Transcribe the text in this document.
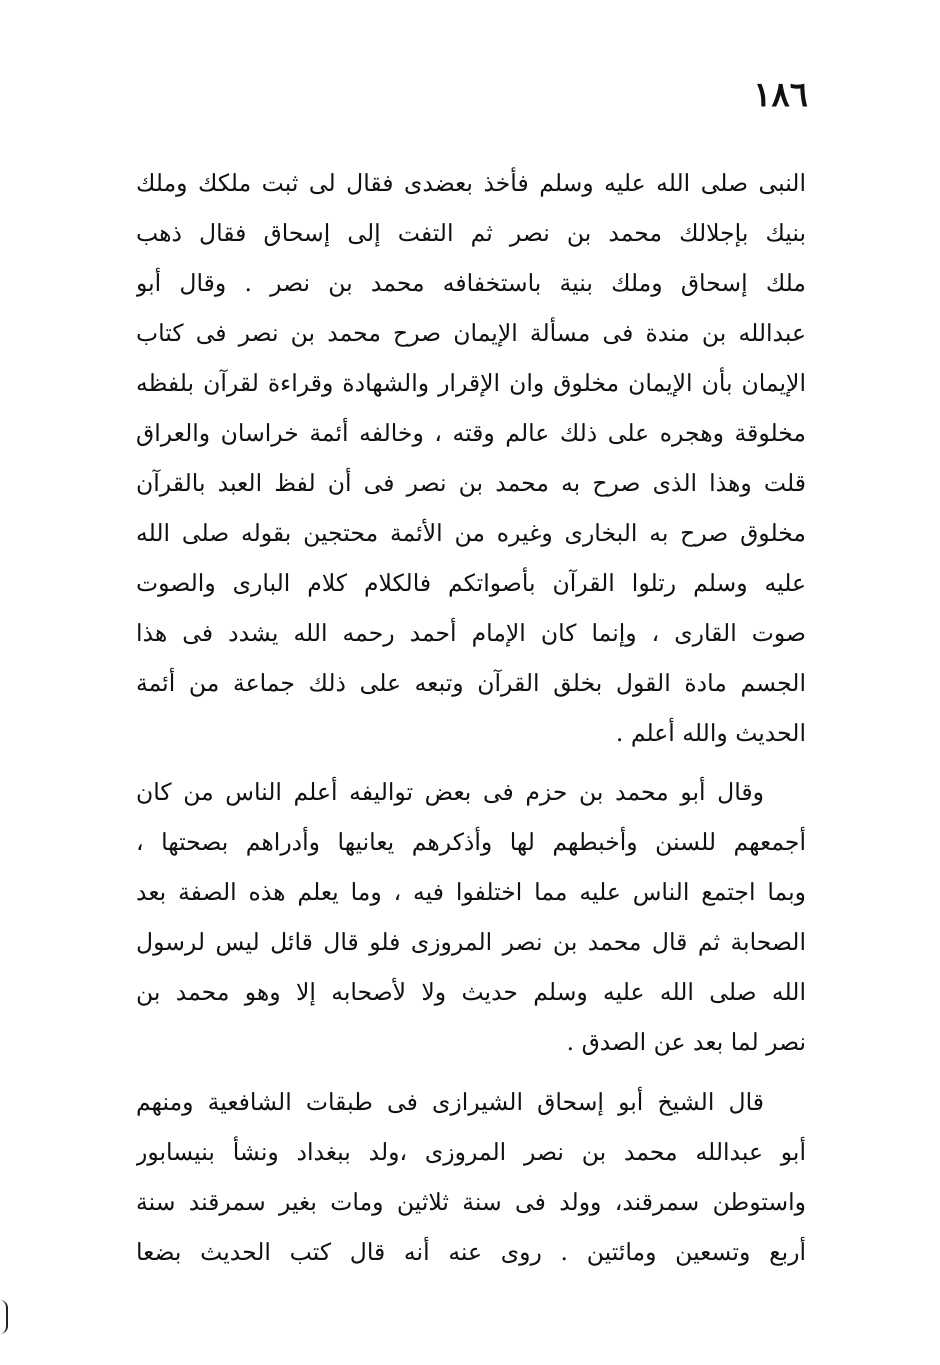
١٨٦
النبى صلى الله عليه وسلم فأخذ بعضدى فقال لى ثبت ملكك وملك
بنيك بإجلالك محمد بن نصر ثم التفت إلى إسحاق فقال ذهب
ملك إسحاق وملك بنية باستخفافه محمد بن نصر . وقال أبو
عبدالله بن مندة فى مسألة الإيمان صرح محمد بن نصر فى كتاب
الإيمان بأن الإيمان مخلوق وان الإقرار والشهادة وقراءة لقرآن بلفظه
مخلوقة وهجره على ذلك عالم وقته ، وخالفه أئمة خراسان والعراق
قلت وهذا الذى صرح به محمد بن نصر فى أن لفظ العبد بالقرآن
مخلوق صرح به البخارى وغيره من الأئمة محتجين بقوله صلى الله
عليه وسلم رتلوا القرآن بأصواتكم فالكلام كلام البارى والصوت
صوت القارى ، وإنما كان الإمام أحمد رحمه الله يشدد فى هذا
الجسم مادة القول بخلق القرآن وتبعه على ذلك جماعة من أئمة
الحديث والله أعلم .
وقال أبو محمد بن حزم فى بعض تواليفه أعلم الناس من كان
أجمعهم للسنن وأخبطهم لها وأذكرهم يعانيها وأدراهم بصحتها ،
وبما اجتمع الناس عليه مما اختلفوا فيه ، وما يعلم هذه الصفة بعد
الصحابة ثم قال محمد بن نصر المروزى فلو قال قائل ليس لرسول
الله صلى الله عليه وسلم حديث ولا لأصحابه إلا وهو محمد بن
نصر لما بعد عن الصدق .
قال الشيخ أبو إسحاق الشيرازى فى طبقات الشافعية ومنهم
أبو عبدالله محمد بن نصر المروزى ،ولد ببغداد ونشأ بنيسابور
واستوطن سمرقند، وولد فى سنة ثلاثين ومات بغير سمرقند سنة
أربع وتسعين ومائتين . روى عنه أنه قال كتب الحديث بضعا
